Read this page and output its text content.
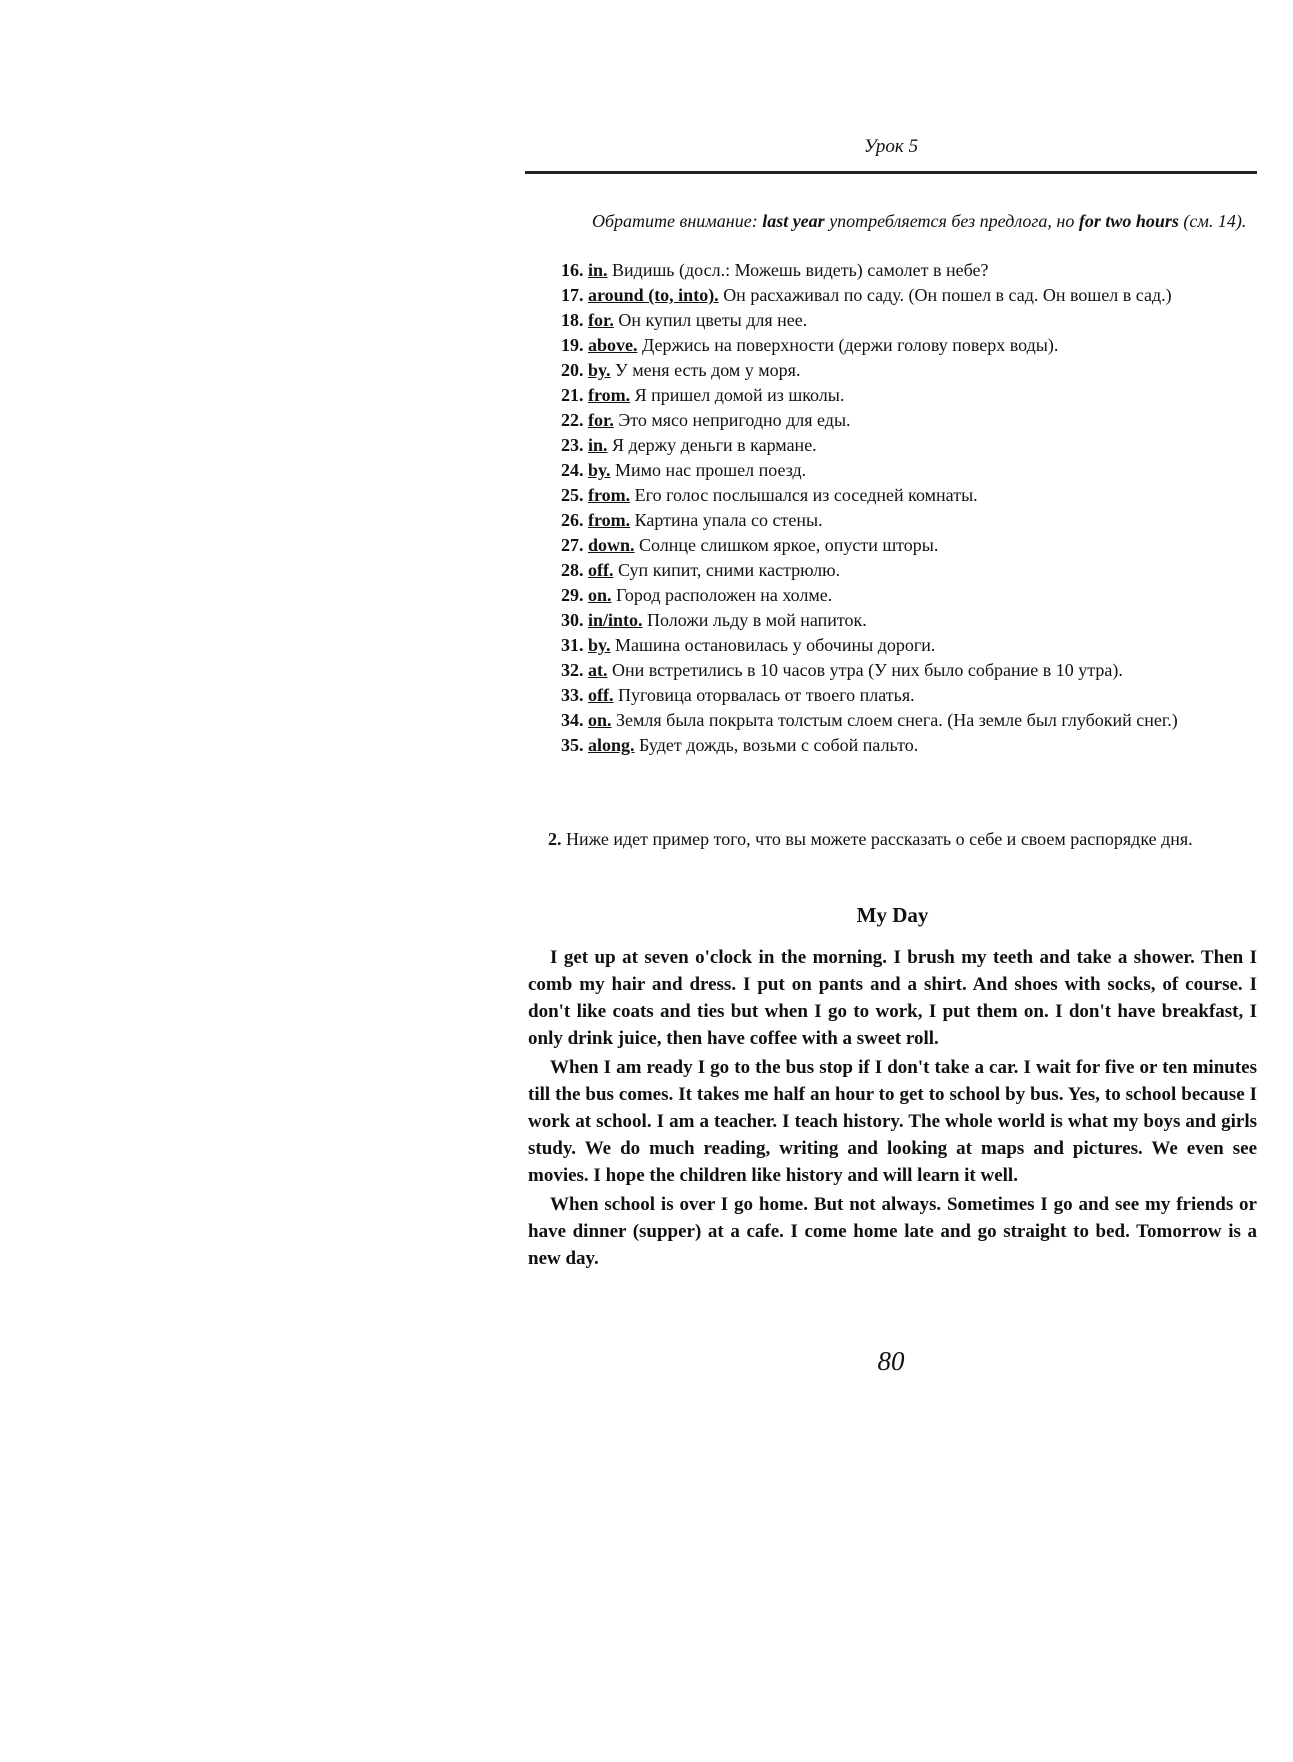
Урок 5
Обратите внимание: last year употребляется без предлога, но for two hours (см. 14).
16. in. Видишь (досл.: Можешь видеть) самолет в небе?
17. around (to, into). Он расхаживал по саду. (Он пошел в сад. Он вошел в сад.)
18. for. Он купил цветы для нее.
19. above. Держись на поверхности (держи голову поверх воды).
20. by. У меня есть дом у моря.
21. from. Я пришел домой из школы.
22. for. Это мясо непригодно для еды.
23. in. Я держу деньги в кармане.
24. by. Мимо нас прошел поезд.
25. from. Его голос послышался из соседней комнаты.
26. from. Картина упала со стены.
27. down. Солнце слишком яркое, опусти шторы.
28. off. Суп кипит, сними кастрюлю.
29. on. Город расположен на холме.
30. in/into. Положи льду в мой напиток.
31. by. Машина остановилась у обочины дороги.
32. at. Они встретились в 10 часов утра (У них было собрание в 10 утра).
33. off. Пуговица оторвалась от твоего платья.
34. on. Земля была покрыта толстым слоем снега. (На земле был глубокий снег.)
35. along. Будет дождь, возьми с собой пальто.
2. Ниже идет пример того, что вы можете рассказать о себе и своем распорядке дня.
My Day

I get up at seven o'clock in the morning. I brush my teeth and take a shower. Then I comb my hair and dress. I put on pants and a shirt. And shoes with socks, of course. I don't like coats and ties but when I go to work, I put them on. I don't have breakfast, I only drink juice, then have coffee with a sweet roll.

When I am ready I go to the bus stop if I don't take a car. I wait for five or ten minutes till the bus comes. It takes me half an hour to get to school by bus. Yes, to school because I work at school. I am a teacher. I teach history. The whole world is what my boys and girls study. We do much reading, writing and looking at maps and pictures. We even see movies. I hope the children like history and will learn it well.

When school is over I go home. But not always. Sometimes I go and see my friends or have dinner (supper) at a cafe. I come home late and go straight to bed. Tomorrow is a new day.

80
